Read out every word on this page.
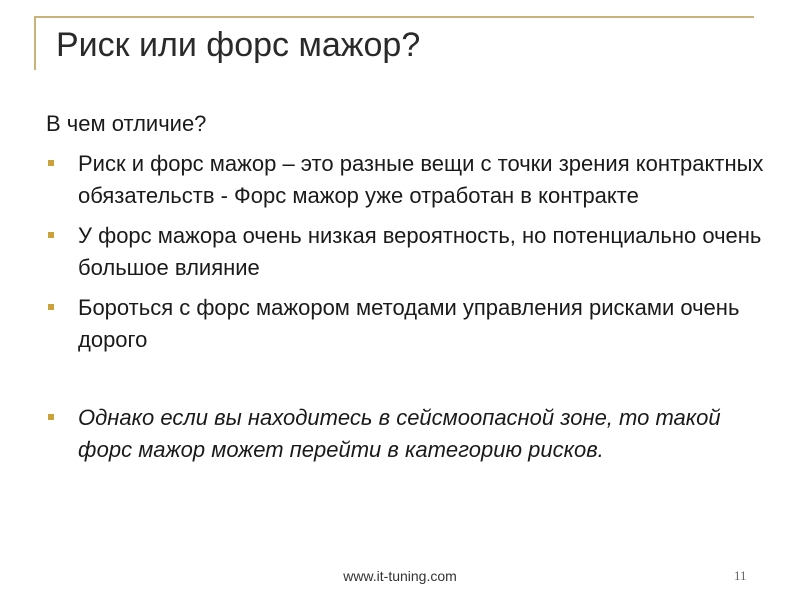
Риск или форс мажор?

В чем отличие?

Риск и форс мажор – это разные вещи с точки зрения контрактных обязательств - Форс мажор уже отработан в контракте
У форс мажора очень низкая вероятность, но потенциально очень большое влияние
Бороться с форс мажором методами управления рисками очень дорого
Однако если вы находитесь в сейсмоопасной зоне, то такой форс мажор может перейти в категорию рисков.
www.it-tuning.com	11
